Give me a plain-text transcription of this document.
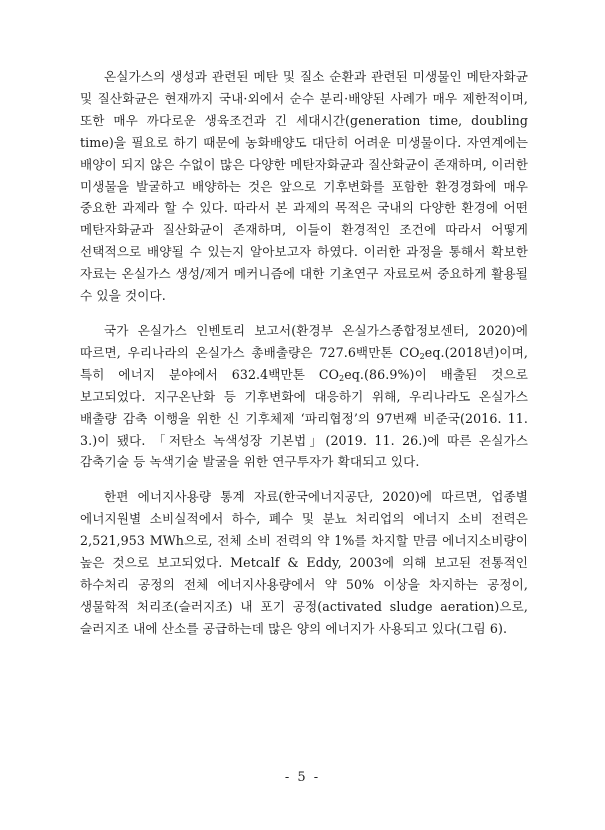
온실가스의 생성과 관련된 메탄 및 질소 순환과 관련된 미생물인 메탄자화균 및 질산화균은 현재까지 국내·외에서 순수 분리·배양된 사례가 매우 제한적이며, 또한 매우 까다로운 생육조건과 긴 세대시간(generation time, doubling time)을 필요로 하기 때문에 농화배양도 대단히 어려운 미생물이다. 자연계에는 배양이 되지 않은 수없이 많은 다양한 메탄자화균과 질산화균이 존재하며, 이러한 미생물을 발굴하고 배양하는 것은 앞으로 기후변화를 포함한 환경경화에 매우 중요한 과제라 할 수 있다. 따라서 본 과제의 목적은 국내의 다양한 환경에 어떤 메탄자화균과 질산화균이 존재하며, 이들이 환경적인 조건에 따라서 어떻게 선택적으로 배양될 수 있는지 알아보고자 하였다. 이러한 과정을 통해서 확보한 자료는 온실가스 생성/제거 메커니즘에 대한 기초연구 자료로써 중요하게 활용될 수 있을 것이다.

국가 온실가스 인벤토리 보고서(환경부 온실가스종합정보센터, 2020)에 따르면, 우리나라의 온실가스 총배출량은 727.6백만톤 $CO_2eq.(2018$년)이며, 특히 에너지 분야에서 632.4백만톤 $CO_2eq.(86.9\%)$이 배출된 것으로 보고되었다. 지구온난화 등 기후변화에 대응하기 위해, 우리나라도 온실가스 배출량 감축 이행을 위한 신 기후체제 ‘파리협정’의 97번째 비준국(2016. 11. 3.)이 됐다. 「저탄소 녹색성장 기본법」(2019. 11. 26.)에 따른 온실가스 감축기술 등 녹색기술 발굴을 위한 연구투자가 확대되고 있다.

한편 에너지사용량 통계 자료(한국에너지공단, 2020)에 따르면, 업종별 에너지원별 소비실적에서 하수, 폐수 및 분뇨 처리업의 에너지 소비 전력은 2,521,953 MWh으로, 전체 소비 전력의 약 1%를 차지할 만큼 에너지소비량이 높은 것으로 보고되었다. Metcalf & Eddy, 2003에 의해 보고된 전통적인 하수처리 공정의 전체 에너지사용량에서 약 50% 이상을 차지하는 공정이, 생물학적 처리조(슬러지조) 내 포기 공정(activated sludge aeration)으로, 슬러지조 내에 산소를 공급하는데 많은 양의 에너지가 사용되고 있다(그림 6).

- 5 -
